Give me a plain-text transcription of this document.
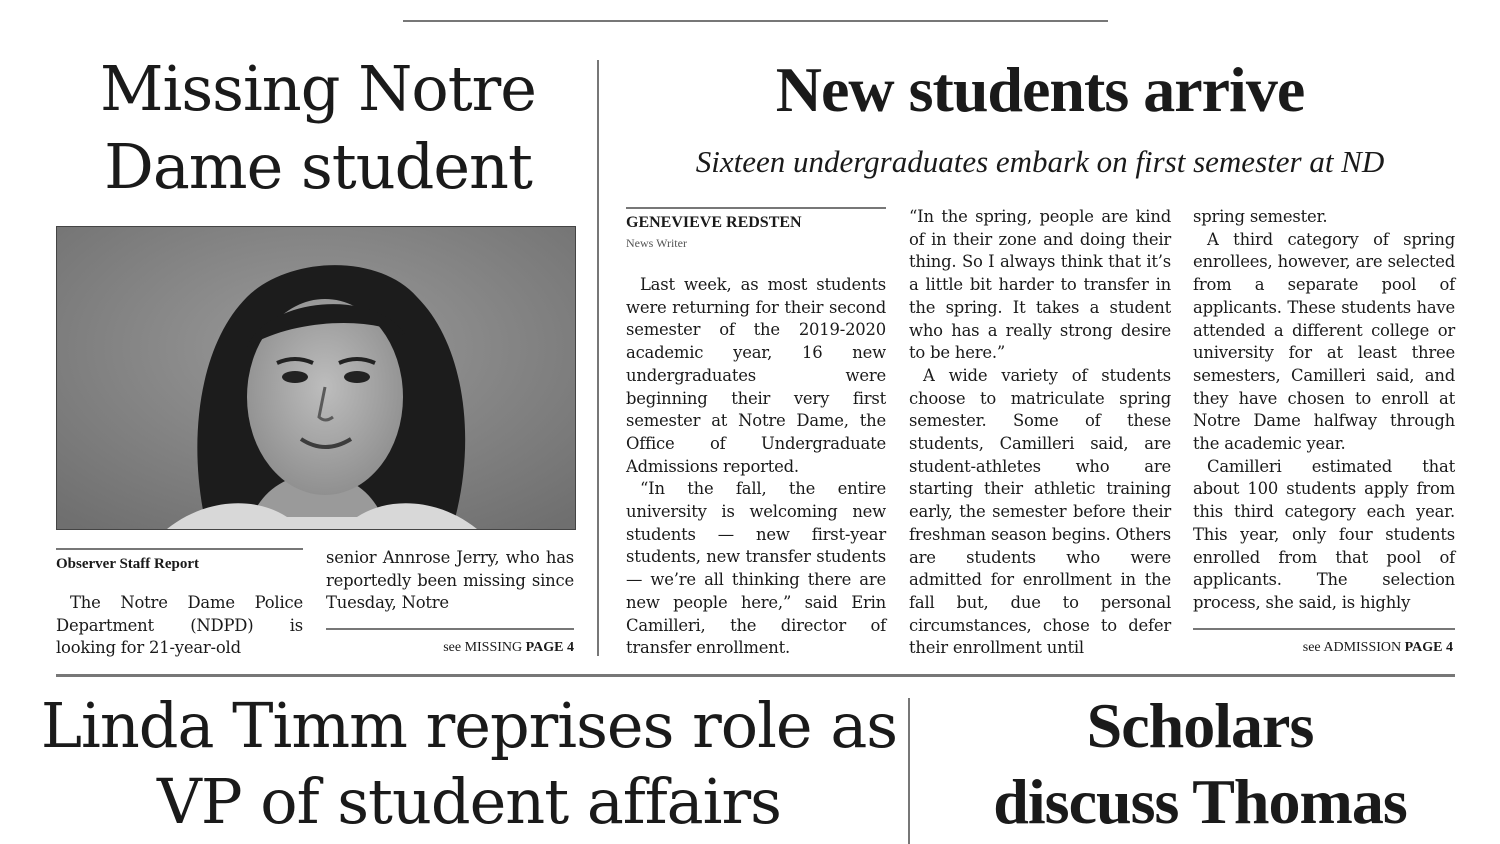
Missing Notre
Dame student
Observer Staff Report

The Notre Dame Police Department (NDPD) is looking for 21-year-old

senior Annrose Jerry, who has reportedly been missing since Tuesday, Notre

see MISSING PAGE 4
New students arrive
Sixteen undergraduates embark on first semester at ND
GENEVIEVE REDSTEN
News Writer

Last week, as most students were returning for their second semester of the 2019-2020 academic year, 16 new undergraduates were beginning their very first semester at Notre Dame, the Office of Undergraduate Admissions reported.

“In the fall, the entire university is welcoming new students — new first-year students, new transfer students — we’re all thinking there are new people here,” said Erin Camilleri, the director of transfer enrollment.

“In the spring, people are kind of in their zone and doing their thing. So I always think that it’s a little bit harder to transfer in the spring. It takes a student who has a really strong desire to be here.”

A wide variety of students choose to matriculate spring semester. Some of these students, Camilleri said, are student-athletes who are starting their athletic training early, the semester before their freshman season begins. Others are students who were admitted for enrollment in the fall but, due to personal circumstances, chose to defer their enrollment until

spring semester.

A third category of spring enrollees, however, are selected from a separate pool of applicants. These students have attended a different college or university for at least three semesters, Camilleri said, and they have chosen to enroll at Notre Dame halfway through the academic year.

Camilleri estimated that about 100 students apply from this third category each year. This year, only four students enrolled from that pool of applicants. The selection process, she said, is highly

see ADMISSION PAGE 4
Linda Timm reprises role as
VP of student affairs
Scholars
discuss Thomas
